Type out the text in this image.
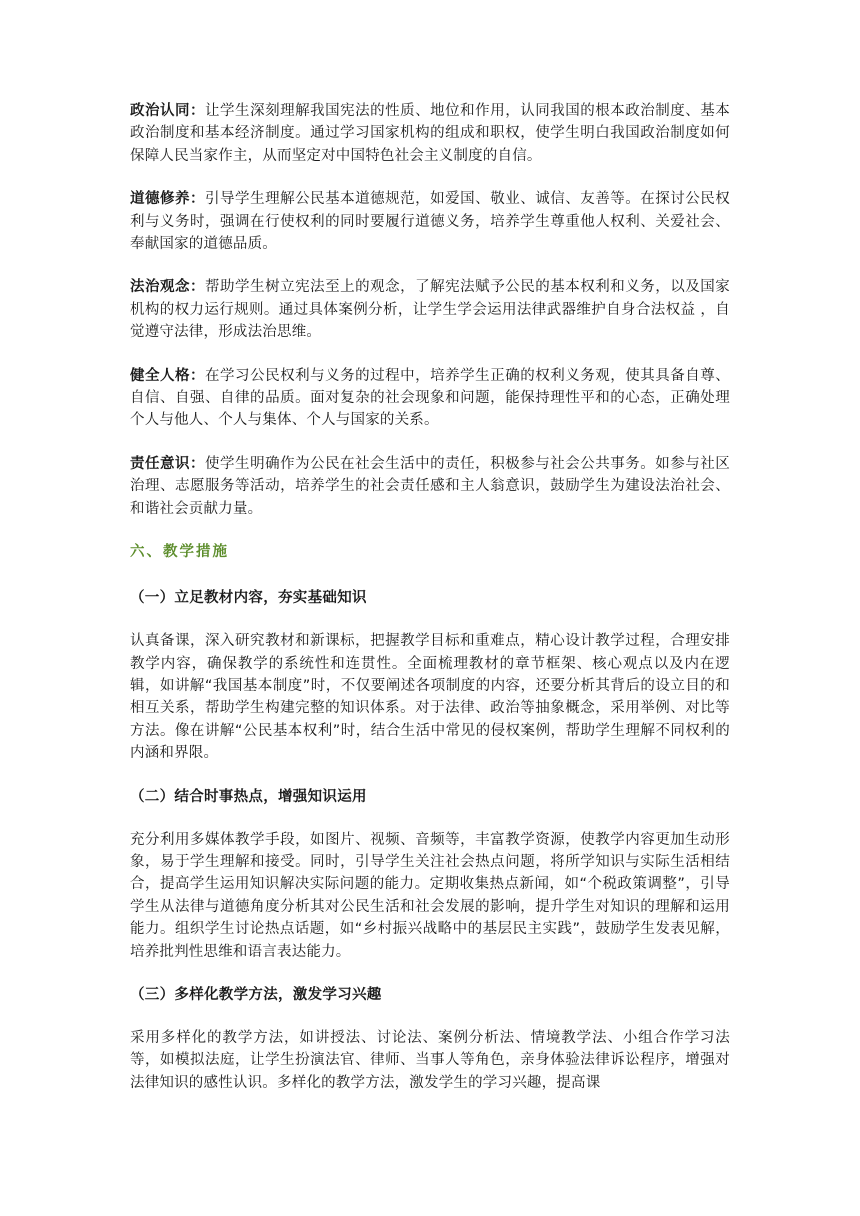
政治认同：让学生深刻理解我国宪法的性质、地位和作用，认同我国的根本政治制度、基本政治制度和基本经济制度。通过学习国家机构的组成和职权，使学生明白我国政治制度如何保障人民当家作主，从而坚定对中国特色社会主义制度的自信。

道德修养：引导学生理解公民基本道德规范，如爱国、敬业、诚信、友善等。在探讨公民权利与义务时，强调在行使权利的同时要履行道德义务，培养学生尊重他人权利、关爱社会、奉献国家的道德品质。

法治观念：帮助学生树立宪法至上的观念，了解宪法赋予公民的基本权利和义务，以及国家机构的权力运行规则。通过具体案例分析，让学生学会运用法律武器维护自身合法权益 ，自觉遵守法律，形成法治思维。

健全人格：在学习公民权利与义务的过程中，培养学生正确的权利义务观，使其具备自尊、自信、自强、自律的品质。面对复杂的社会现象和问题，能保持理性平和的心态，正确处理个人与他人、个人与集体、个人与国家的关系。

责任意识：使学生明确作为公民在社会生活中的责任，积极参与社会公共事务。如参与社区治理、志愿服务等活动，培养学生的社会责任感和主人翁意识，鼓励学生为建设法治社会、和谐社会贡献力量。

六、教学措施
（一）立足教材内容，夯实基础知识

认真备课，深入研究教材和新课标，把握教学目标和重难点，精心设计教学过程，合理安排教学内容，确保教学的系统性和连贯性。全面梳理教材的章节框架、核心观点以及内在逻辑，如讲解“我国基本制度”时，不仅要阐述各项制度的内容，还要分析其背后的设立目的和相互关系，帮助学生构建完整的知识体系。对于法律、政治等抽象概念，采用举例、对比等方法。像在讲解“公民基本权利”时，结合生活中常见的侵权案例，帮助学生理解不同权利的内涵和界限。

（二）结合时事热点，增强知识运用

充分利用多媒体教学手段，如图片、视频、音频等，丰富教学资源，使教学内容更加生动形象，易于学生理解和接受。同时，引导学生关注社会热点问题，将所学知识与实际生活相结合，提高学生运用知识解决实际问题的能力。定期收集热点新闻，如“个税政策调整”，引导学生从法律与道德角度分析其对公民生活和社会发展的影响，提升学生对知识的理解和运用能力。组织学生讨论热点话题，如“乡村振兴战略中的基层民主实践”，鼓励学生发表见解，培养批判性思维和语言表达能力。

（三）多样化教学方法，激发学习兴趣

采用多样化的教学方法，如讲授法、讨论法、案例分析法、情境教学法、小组合作学习法等，如模拟法庭，让学生扮演法官、律师、当事人等角色，亲身体验法律诉讼程序，增强对法律知识的感性认识。多样化的教学方法，激发学生的学习兴趣，提高课
